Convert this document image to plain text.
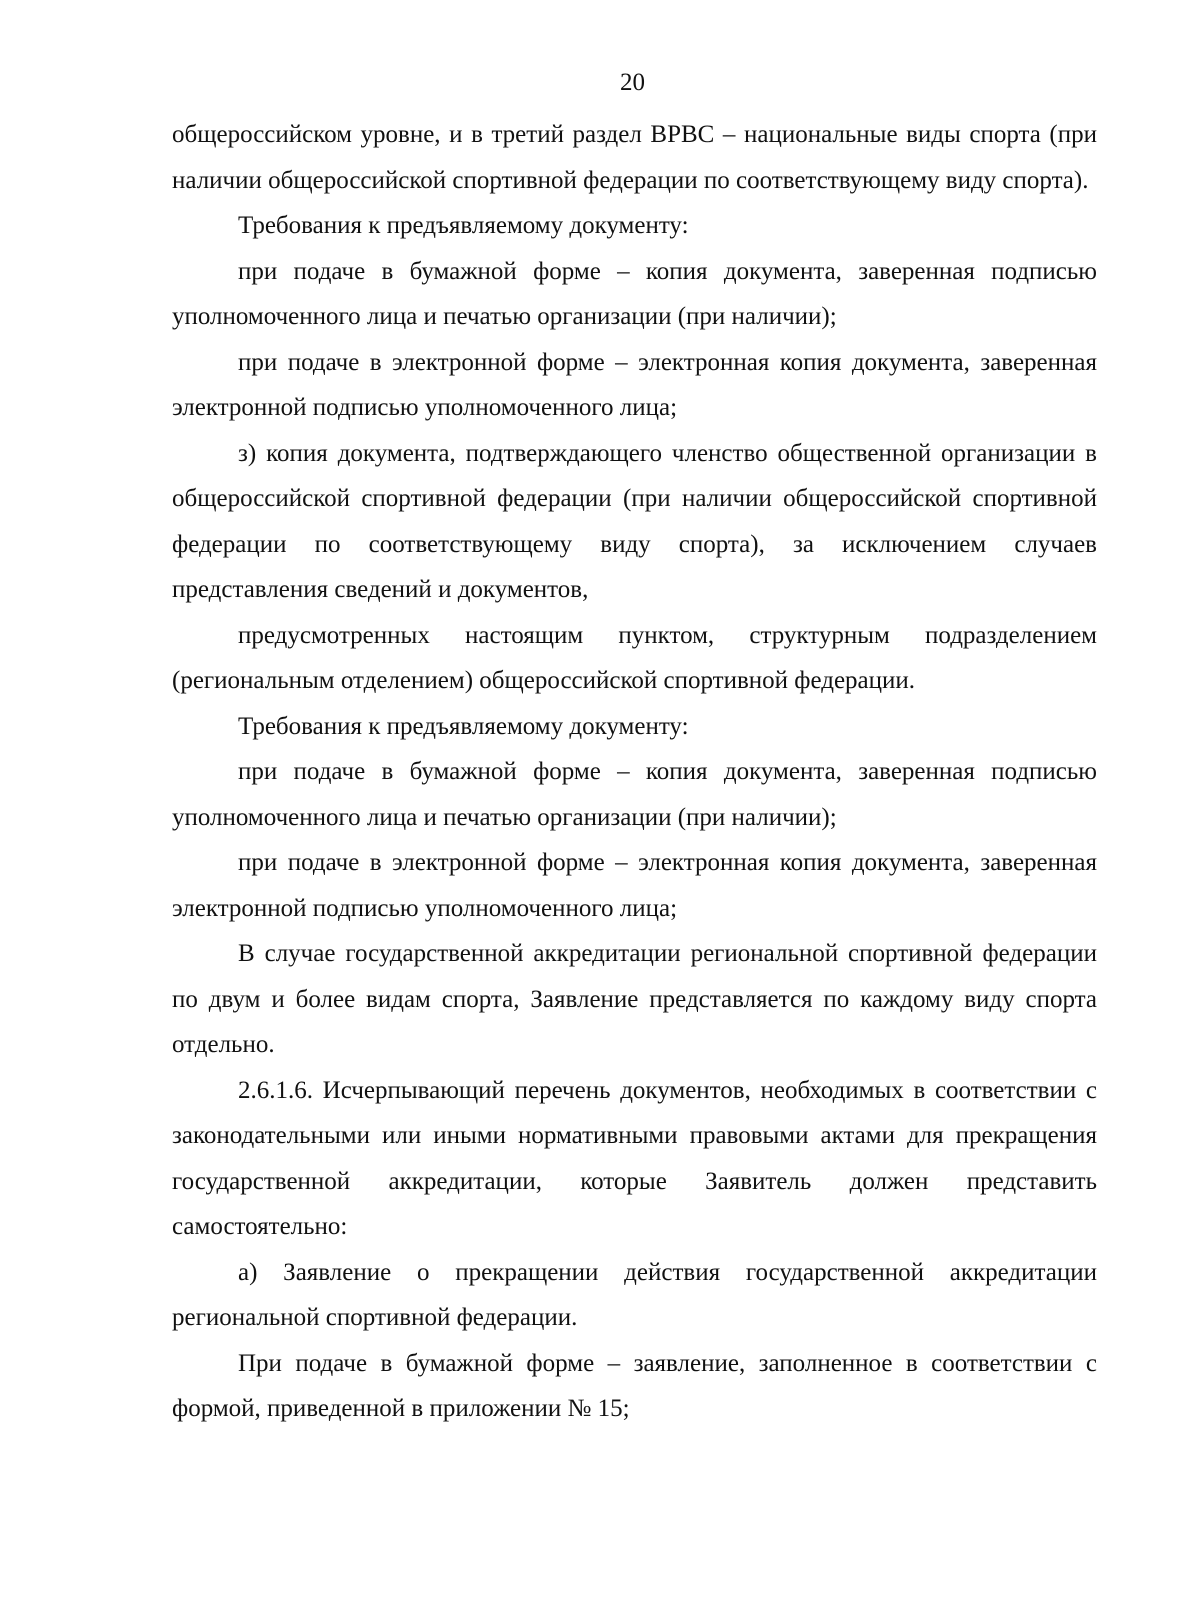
20

общероссийском уровне, и в третий раздел ВРВС – национальные виды спорта (при наличии общероссийской спортивной федерации по соответствующему виду спорта).

Требования к предъявляемому документу:

при подаче в бумажной форме – копия документа, заверенная подписью уполномоченного лица и печатью организации (при наличии);

при подаче в электронной форме – электронная копия документа, заверенная электронной подписью уполномоченного лица;

з) копия документа, подтверждающего членство общественной организации в общероссийской спортивной федерации (при наличии общероссийской спортивной федерации по соответствующему виду спорта), за исключением случаев представления сведений и документов,

предусмотренных настоящим пунктом, структурным подразделением (региональным отделением) общероссийской спортивной федерации.

Требования к предъявляемому документу:

при подаче в бумажной форме – копия документа, заверенная подписью уполномоченного лица и печатью организации (при наличии);

при подаче в электронной форме – электронная копия документа, заверенная электронной подписью уполномоченного лица;

В случае государственной аккредитации региональной спортивной федерации по двум и более видам спорта, Заявление представляется по каждому виду спорта отдельно.

2.6.1.6. Исчерпывающий перечень документов, необходимых в соответствии с законодательными или иными нормативными правовыми актами для прекращения государственной аккредитации, которые Заявитель должен представить самостоятельно:

а) Заявление о прекращении действия государственной аккредитации региональной спортивной федерации.

При подаче в бумажной форме – заявление, заполненное в соответствии с формой, приведенной в приложении № 15;
